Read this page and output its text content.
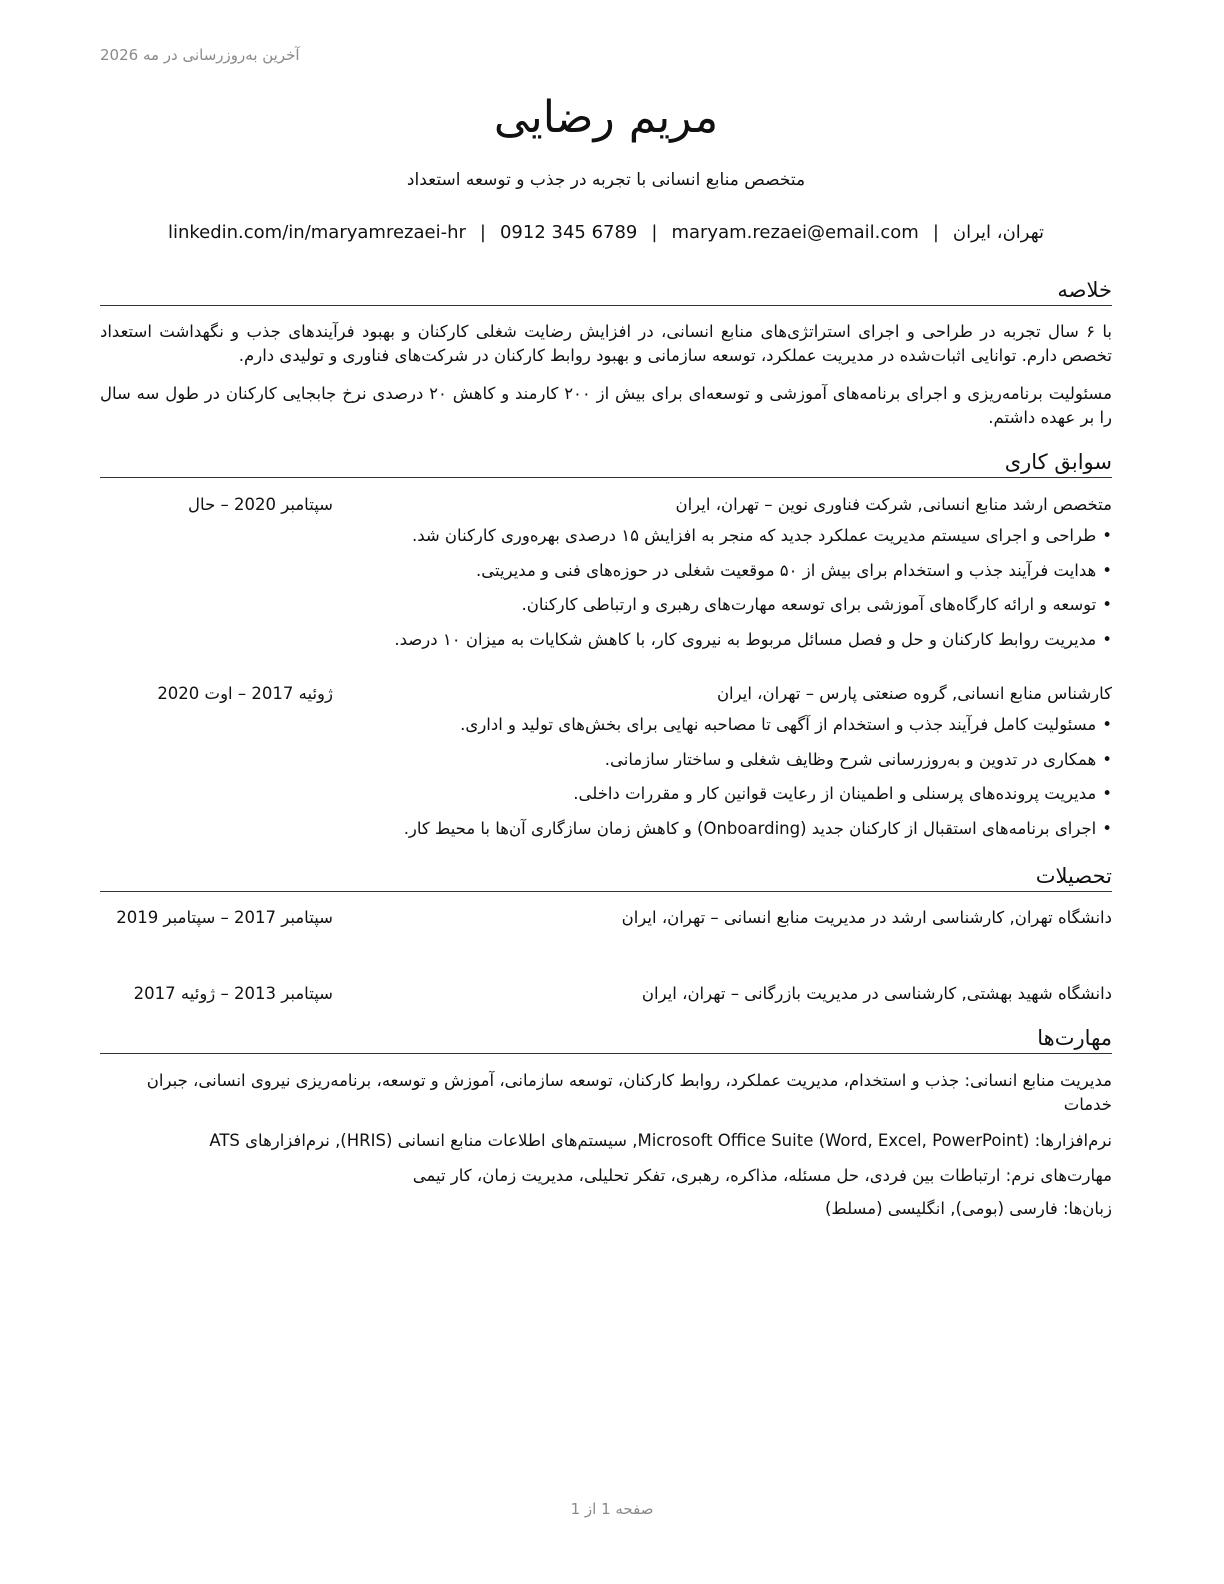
آخرین به‌روزرسانی در مه 2026
مریم رضایی
متخصص منابع انسانی با تجربه در جذب و توسعه استعداد
تهران، ایران|maryam.rezaei@email.com|0912 345 6789|linkedin.com/in/maryamrezaei-hr
خلاصه
با ۶ سال تجربه در طراحی و اجرای استراتژی‌های منابع انسانی، در افزایش رضایت شغلی کارکنان و بهبود فرآیندهای جذب و نگهداشت استعداد تخصص دارم. توانایی اثبات‌شده در مدیریت عملکرد، توسعه سازمانی و بهبود روابط کارکنان در شرکت‌های فناوری و تولیدی دارم.
مسئولیت برنامه‌ریزی و اجرای برنامه‌های آموزشی و توسعه‌ای برای بیش از ۲۰۰ کارمند و کاهش ۲۰ درصدی نرخ جابجایی کارکنان در طول سه سال را بر عهده داشتم.
سوابق کاری
متخصص ارشد منابع انسانی, شرکت فناوری نوین – تهران، ایران
سپتامبر 2020 – حال
•طراحی و اجرای سیستم مدیریت عملکرد جدید که منجر به افزایش ۱۵ درصدی بهره‌وری کارکنان شد.
•هدایت فرآیند جذب و استخدام برای بیش از ۵۰ موقعیت شغلی در حوزه‌های فنی و مدیریتی.
•توسعه و ارائه کارگاه‌های آموزشی برای توسعه مهارت‌های رهبری و ارتباطی کارکنان.
•مدیریت روابط کارکنان و حل و فصل مسائل مربوط به نیروی کار، با کاهش شکایات به میزان ۱۰ درصد.
کارشناس منابع انسانی, گروه صنعتی پارس – تهران، ایران
ژوئیه 2017 – اوت 2020
•مسئولیت کامل فرآیند جذب و استخدام از آگهی تا مصاحبه نهایی برای بخش‌های تولید و اداری.
•همکاری در تدوین و به‌روزرسانی شرح وظایف شغلی و ساختار سازمانی.
•مدیریت پرونده‌های پرسنلی و اطمینان از رعایت قوانین کار و مقررات داخلی.
•اجرای برنامه‌های استقبال از کارکنان جدید (Onboarding) و کاهش زمان سازگاری آن‌ها با محیط کار.
تحصیلات
دانشگاه تهران, کارشناسی ارشد در مدیریت منابع انسانی – تهران، ایران
سپتامبر 2017 – سپتامبر 2019
دانشگاه شهید بهشتی, کارشناسی در مدیریت بازرگانی – تهران، ایران
سپتامبر 2013 – ژوئیه 2017
مهارت‌ها
مدیریت منابع انسانی: جذب و استخدام، مدیریت عملکرد، روابط کارکنان، توسعه سازمانی، آموزش و توسعه، برنامه‌ریزی نیروی انسانی، جبران خدمات
نرم‌افزارها: Microsoft Office Suite (Word, Excel, PowerPoint), سیستم‌های اطلاعات منابع انسانی (HRIS), نرم‌افزارهای ATS
مهارت‌های نرم: ارتباطات بین فردی، حل مسئله، مذاکره، رهبری، تفکر تحلیلی، مدیریت زمان، کار تیمی
زبان‌ها: فارسی (بومی), انگلیسی (مسلط)
صفحه 1 از 1
